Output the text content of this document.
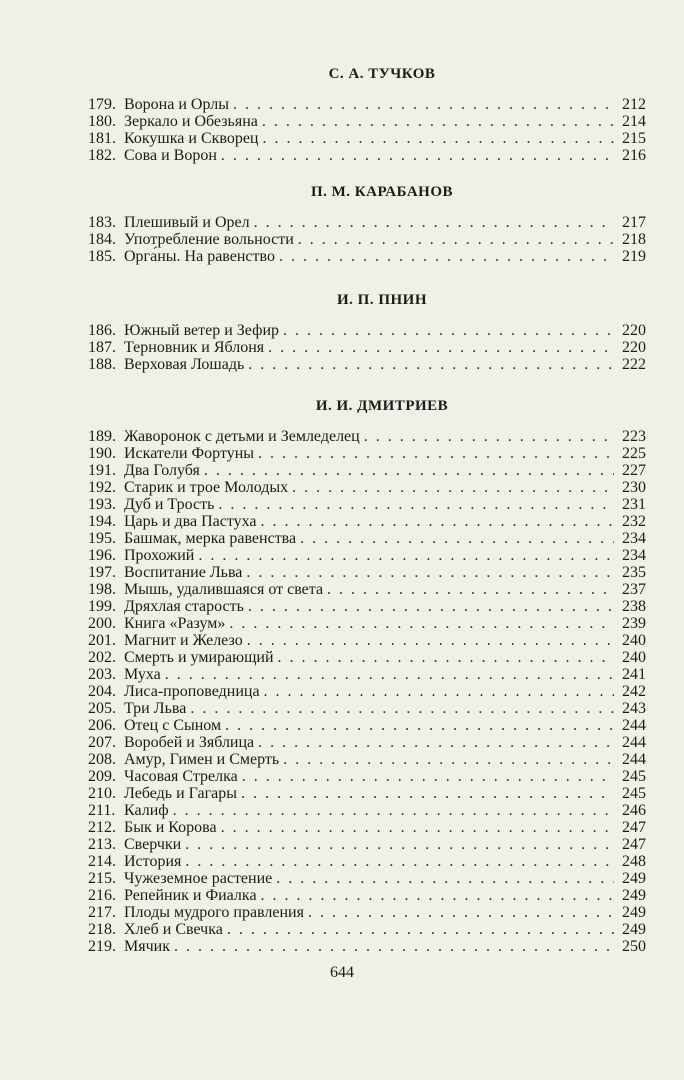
С. А. ТУЧКОВ
179. Ворона и Орлы . . .	212
180. Зеркало и Обезьяна . . .	214
181. Кокушка и Скворец . . .	215
182. Сова и Ворон . . .	216
П. М. КАРАБАНОВ
183. Плешивый и Орел . . .	217
184. Употребление вольности . . .	218
185. Орга́ны. На равенство . . .	219
И. П. ПНИН
186. Южный ветер и Зефир . . .	220
187. Терновник и Яблоня . . .	220
188. Верховая Лошадь . . .	222
И. И. ДМИТРИЕВ
189. Жаворонок с детьми и Земледелец . . .	223
190. Искатели Фортуны . . .	225
191. Два Голубя . . .	227
192. Старик и трое Молодых . . .	230
193. Дуб и Трость . . .	231
194. Царь и два Пастуха . . .	232
195. Башмак, мерка равенства . . .	234
196. Прохожий . . .	234
197. Воспитание Льва . . .	235
198. Мышь, удалившаяся от света . . .	237
199. Дряхлая старость . . .	238
200. Книга «Разум» . . .	239
201. Магнит и Железо . . .	240
202. Смерть и умирающий . . .	240
203. Муха . . .	241
204. Лиса-проповедница . . .	242
205. Три Льва . . .	243
206. Отец с Сыном . . .	244
207. Воробей и Зяблица . . .	244
208. Амур, Гимен и Смерть . . .	244
209. Часовая Стрелка . . .	245
210. Лебедь и Гагары . . .	245
211. Калиф . . .	246
212. Бык и Корова . . .	247
213. Сверчки . . .	247
214. История . . .	248
215. Чужеземное растение . . .	249
216. Репейник и Фиалка . . .	249
217. Плоды мудрого правления . . .	249
218. Хлеб и Свечка . . .	249
219. Мячик . . .	250
644
